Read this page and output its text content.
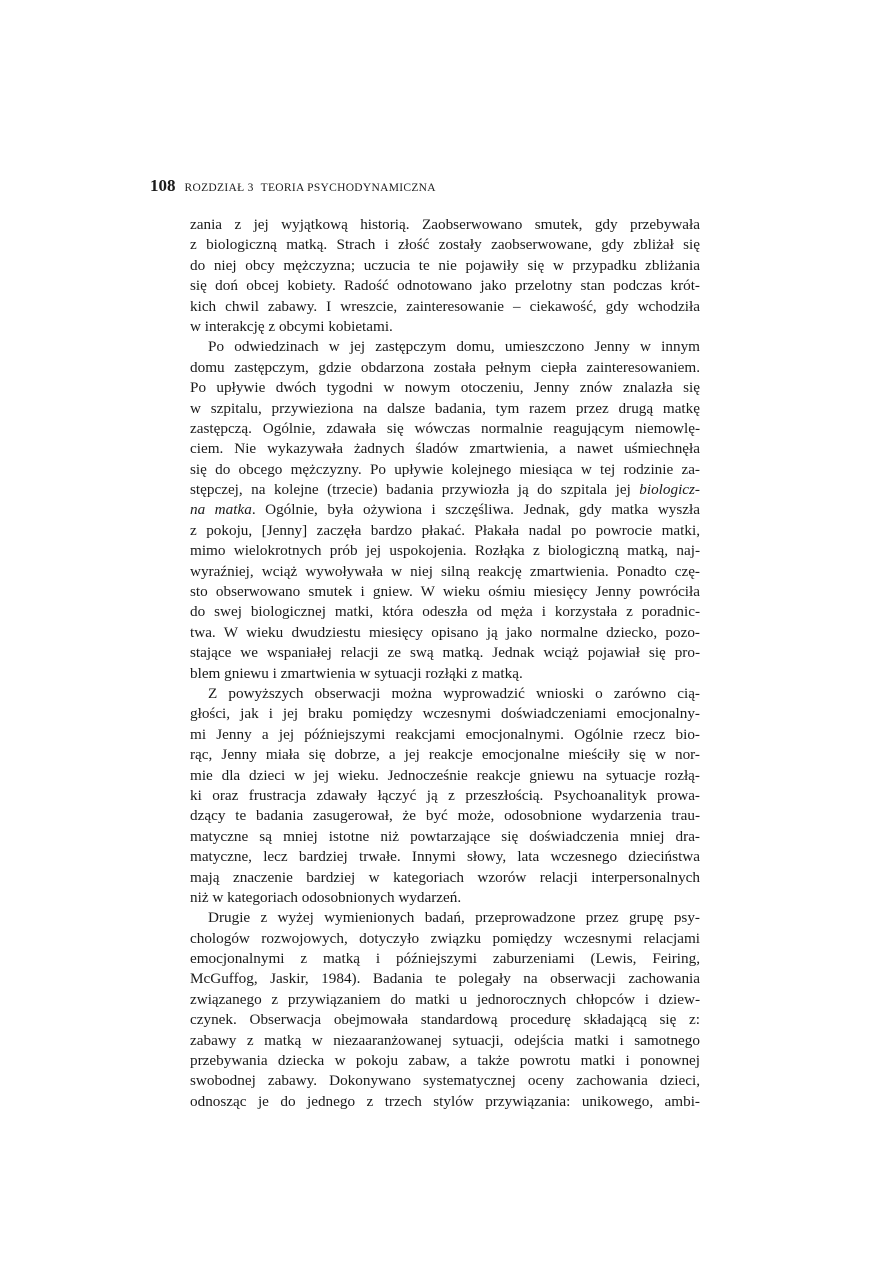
108 ROZDZIAŁ 3 TEORIA PSYCHODYNAMICZNA
zania z jej wyjątkową historią. Zaobserwowano smutek, gdy przebywała
z biologiczną matką. Strach i złość zostały zaobserwowane, gdy zbliżał się
do niej obcy mężczyzna; uczucia te nie pojawiły się w przypadku zbliżania
się doń obcej kobiety. Radość odnotowano jako przelotny stan podczas krót-
kich chwil zabawy. I wreszcie, zainteresowanie – ciekawość, gdy wchodziła
w interakcję z obcymi kobietami.
Po odwiedzinach w jej zastępczym domu, umieszczono Jenny w innym
domu zastępczym, gdzie obdarzona została pełnym ciepła zainteresowaniem.
Po upływie dwóch tygodni w nowym otoczeniu, Jenny znów znalazła się
w szpitalu, przywieziona na dalsze badania, tym razem przez drugą matkę
zastępczą. Ogólnie, zdawała się wówczas normalnie reagującym niemowlę-
ciem. Nie wykazywała żadnych śladów zmartwienia, a nawet uśmiechnęła
się do obcego mężczyzny. Po upływie kolejnego miesiąca w tej rodzinie za-
stępczej, na kolejne (trzecie) badania przywiozła ją do szpitala jej biologicz-
na matka. Ogólnie, była ożywiona i szczęśliwa. Jednak, gdy matka wyszła
z pokoju, [Jenny] zaczęła bardzo płakać. Płakała nadal po powrocie matki,
mimo wielokrotnych prób jej uspokojenia. Rozłąka z biologiczną matką, naj-
wyraźniej, wciąż wywoływała w niej silną reakcję zmartwienia. Ponadto czę-
sto obserwowano smutek i gniew. W wieku ośmiu miesięcy Jenny powróciła
do swej biologicznej matki, która odeszła od męża i korzystała z poradnic-
twa. W wieku dwudziestu miesięcy opisano ją jako normalne dziecko, pozo-
stające we wspaniałej relacji ze swą matką. Jednak wciąż pojawiał się pro-
blem gniewu i zmartwienia w sytuacji rozłąki z matką.
Z powyższych obserwacji można wyprowadzić wnioski o zarówno cią-
głości, jak i jej braku pomiędzy wczesnymi doświadczeniami emocjonalny-
mi Jenny a jej późniejszymi reakcjami emocjonalnymi. Ogólnie rzecz bio-
rąc, Jenny miała się dobrze, a jej reakcje emocjonalne mieściły się w nor-
mie dla dzieci w jej wieku. Jednocześnie reakcje gniewu na sytuacje rozłą-
ki oraz frustracja zdawały łączyć ją z przeszłością. Psychoanalityk prowa-
dzący te badania zasugerował, że być może, odosobnione wydarzenia trau-
matyczne są mniej istotne niż powtarzające się doświadczenia mniej dra-
matyczne, lecz bardziej trwałe. Innymi słowy, lata wczesnego dzieciństwa
mają znaczenie bardziej w kategoriach wzorów relacji interpersonalnych
niż w kategoriach odosobnionych wydarzeń.
Drugie z wyżej wymienionych badań, przeprowadzone przez grupę psy-
chologów rozwojowych, dotyczyło związku pomiędzy wczesnymi relacjami
emocjonalnymi z matką i późniejszymi zaburzeniami (Lewis, Feiring,
McGuffog, Jaskir, 1984). Badania te polegały na obserwacji zachowania
związanego z przywiązaniem do matki u jednorocznych chłopców i dziew-
czynek. Obserwacja obejmowała standardową procedurę składającą się z:
zabawy z matką w niezaaranżowanej sytuacji, odejścia matki i samotnego
przebywania dziecka w pokoju zabaw, a także powrotu matki i ponownej
swobodnej zabawy. Dokonywano systematycznej oceny zachowania dzieci,
odnosząc je do jednego z trzech stylów przywiązania: unikowego, ambi-
